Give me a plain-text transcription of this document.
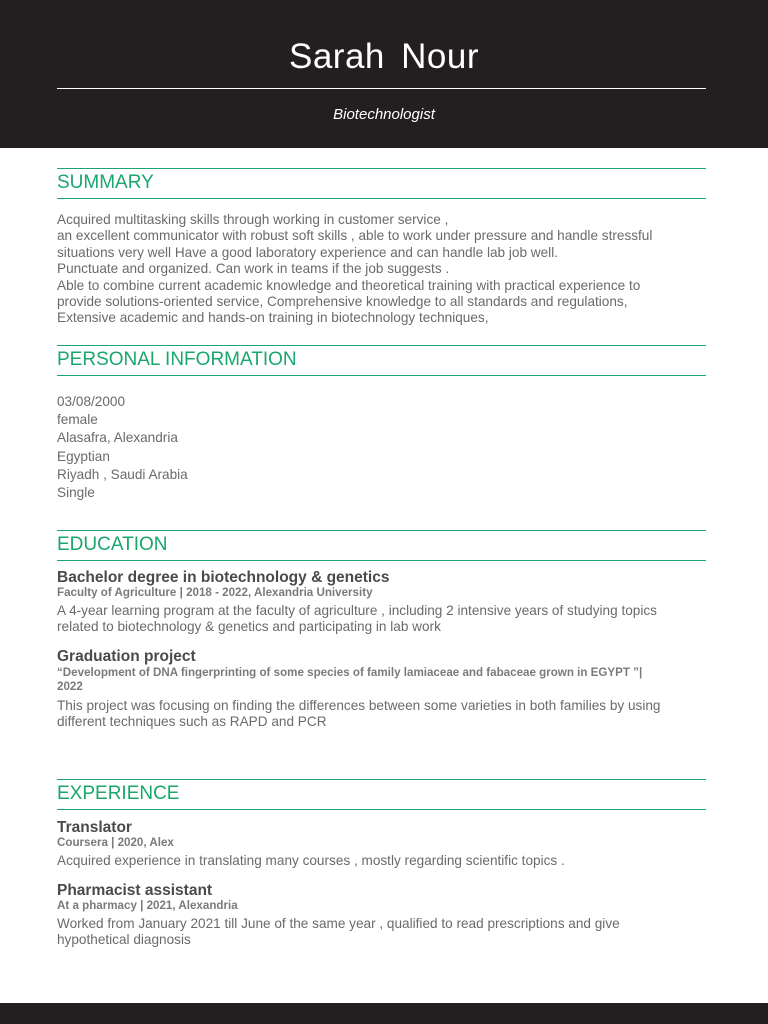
Sarah Nour
Biotechnologist
SUMMARY
Acquired multitasking skills through working in customer service ,
an excellent communicator with robust soft skills , able to work under pressure and handle stressful
situations very well Have a good laboratory experience and can handle lab job well.
Punctuate and organized. Can work in teams if the job suggests .
Able to combine current academic knowledge and theoretical training with practical experience to
provide solutions-oriented service, Comprehensive knowledge to all standards and regulations,
Extensive academic and hands-on training in biotechnology techniques,
PERSONAL INFORMATION
03/08/2000
female
Alasafra, Alexandria
Egyptian
Riyadh , Saudi Arabia
Single
EDUCATION
Bachelor degree in biotechnology & genetics
Faculty of Agriculture | 2018 - 2022, Alexandria University
A 4-year learning program at the faculty of agriculture , including 2 intensive years of studying topics
related to biotechnology & genetics and participating in lab work
Graduation project
“Development of DNA fingerprinting of some species of family lamiaceae and fabaceae grown in EGYPT ”|
2022
This project was focusing on finding the differences between some varieties in both families by using
different techniques such as RAPD and PCR
EXPERIENCE
Translator
Coursera | 2020, Alex
Acquired experience in translating many courses , mostly regarding scientific topics .
Pharmacist assistant
At a pharmacy | 2021, Alexandria
Worked from January 2021 till June of the same year , qualified to read prescriptions and give
hypothetical diagnosis
